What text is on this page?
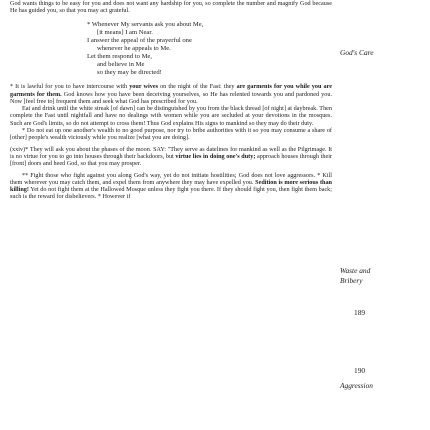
God wants things to be easy for you and does not want any hardship for you, so complete the number and magnify God because He has guided you, so that you may act grateful.

* Whenever My servants ask you about Me,
[it means] I am Near.
I answer the appeal of the prayerful one
whenever he appeals to Me.
Let them respond to Me,
and believe in Me
so they may be directed!

* It is lawful for you to have intercourse with your wives on the night of the Fast: they are garments for you while you are garments for them. God knows how you have been deceiving yourselves, so He has relented towards you and pardoned you. Now [feel free to] frequent them and seek what God has prescribed for you.

Eat and drink until the white streak [of dawn] can be distinguished by you from the black thread [of night] at daybreak. Then complete the Fast until nightfall and have no dealings with women while you are secluded at your devotions in the mosques. Such are God's limits, so do not attempt to cross them! Thus God explains His signs to mankind so they may do their duty.

* Do not eat up one another's wealth to no good purpose, nor try to bribe authorities with it so you may consume a share of [other] people's wealth viciously while you realize [what you are doing].

(xxiv)* They will ask you about the phases of the moon. SAY: "They serve as datelines for mankind as well as the Pilgrimage. It is no virtue for you to go into houses through their backdoors, but virtue lies in doing one's duty; approach houses through their [front] doors and heed God, so that you may prosper.

** Fight those who fight against you along God's way, yet do not initiate hostilities; God does not love aggressors. * Kill them wherever you may catch them, and expel them from anywhere they may have expelled you. Sedition is more serious than killing! Yet do not fight them at the Hallowed Mosque unless they fight you there. If they should fight you, then fight them back; such is the reward for disbelievers. * However if

God's Care
Waste and
Bribery
189
190
Aggression
